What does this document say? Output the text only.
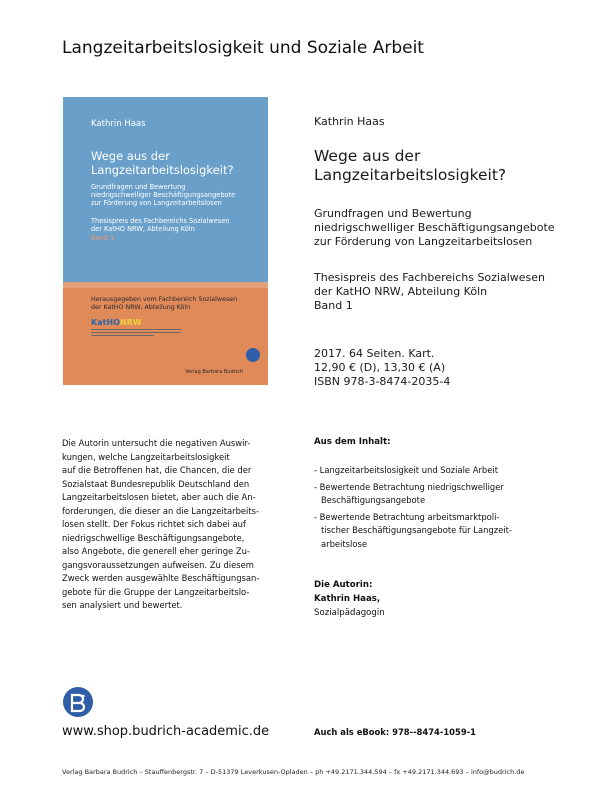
Langzeitarbeitslosigkeit und Soziale Arbeit
Kathrin Haas
Wege aus der
Langzeitarbeitslosigkeit?
Grundfragen und Bewertung
niedrigschwelliger Beschäftigungsangebote
zur Förderung von Langzeitarbeitslosen
Thesispreis des Fachbereichs Sozialwesen
der KatHO NRW, Abteilung Köln
Band 1
Herausgegeben vom Fachbereich Sozialwesen
der KatHO NRW, Abteilung Köln
KatHONRW
Verlag Barbara Budrich
Kathrin Haas
Wege aus der
Langzeitarbeitslosigkeit?
Grundfragen und Bewertung
niedrigschwelliger Beschäftigungsangebote
zur Förderung von Langzeitarbeitslosen
Thesispreis des Fachbereichs Sozialwesen
der KatHO NRW, Abteilung Köln
Band 1
2017. 64 Seiten. Kart.
12,90 € (D), 13,30 € (A)
ISBN 978-3-8474-2035-4
Die Autorin untersucht die negativen Auswir-
kungen, welche Langzeitarbeitslosigkeit
auf die Betroffenen hat, die Chancen, die der
Sozialstaat Bundesrepublik Deutschland den
Langzeitarbeitslosen bietet, aber auch die An-
forderungen, die dieser an die Langzeitarbeits-
losen stellt. Der Fokus richtet sich dabei auf
niedrigschwellige Beschäftigungsangebote,
also Angebote, die generell eher geringe Zu-
gangsvoraussetzungen aufweisen. Zu diesem
Zweck werden ausgewählte Beschäftigungsan-
gebote für die Gruppe der Langzeitarbeitslo-
sen analysiert und bewertet.
Aus dem Inhalt:
- Langzeitarbeitslosigkeit und Soziale Arbeit
- Bewertende Betrachtung niedrigschwelliger
Beschäftigungsangebote
- Bewertende Betrachtung arbeitsmarktpoli-
tischer Beschäftigungsangebote für Langzeit-
arbeitslose
Die Autorin:
Kathrin Haas,
Sozialpädagogin
www.shop.budrich-academic.de	Auch als eBook: 978--8474-1059-1
Verlag Barbara Budrich – Stauffenbergstr. 7 – D-51379 Leverkusen-Opladen – ph +49.2171.344.594 – fx +49.2171.344.693 – info@budrich.de
